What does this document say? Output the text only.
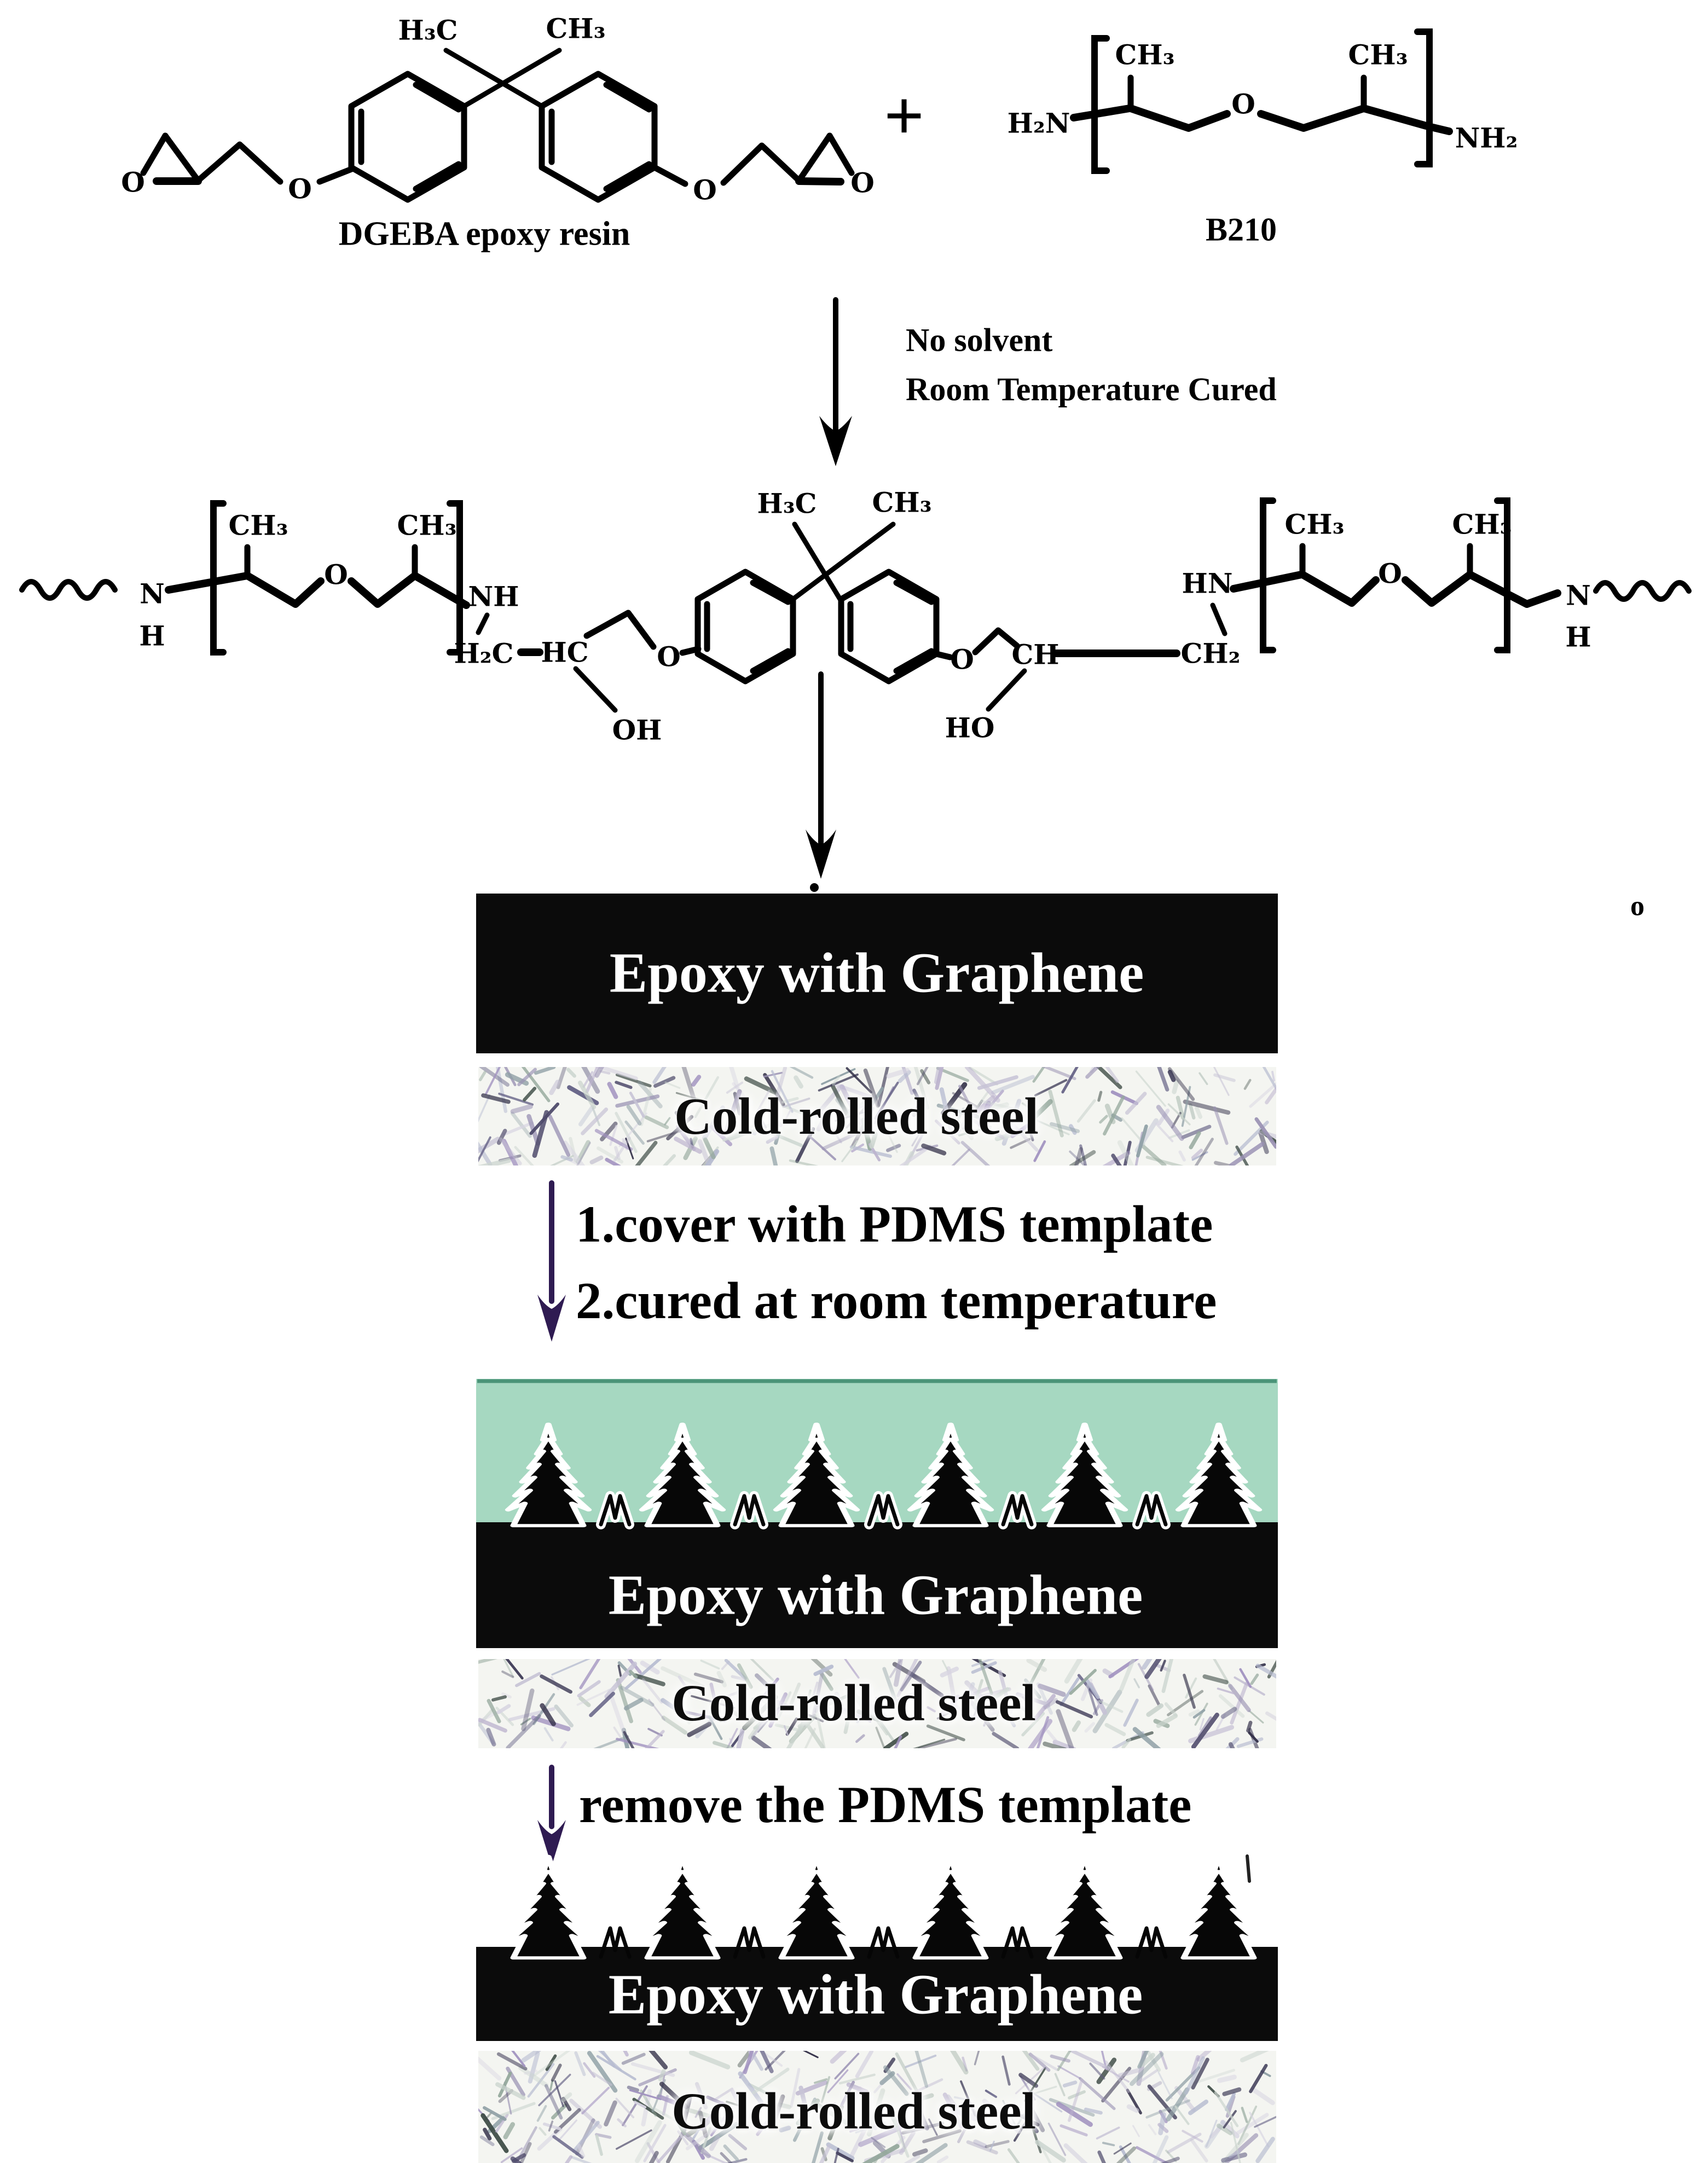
H₃C	CH₃
O	O	O	O
DGEBA epoxy resin
+	H₂N
CH₃
O
CH₃
NH₂
B210
No solvent
Room Temperature Cured
N
H
CH₃
O
CH₃
NH
H₂C HC
OH
O
H₃C CH₃
O CH
HO
CH₂
HN
CH₃
O
CH₃
N
H
Epoxy with Graphene
Cold-rolled steel
o
1.cover with PDMS template
2.cured at room temperature
Epoxy with Graphene
Cold-rolled steel
remove the PDMS template
Epoxy with Graphene
Cold-rolled steel
